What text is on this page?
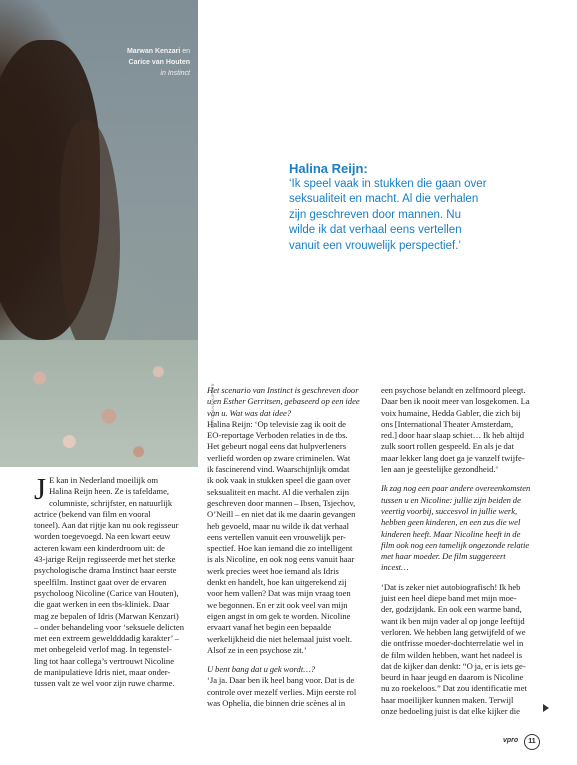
Marwan Kenzari en
Carice van Houten
in Instinct
FOTO: ANP/KIPPER
Halina Reijn:
‘Ik speel vaak in stukken die gaan over
seksualiteit en macht. Al die verhalen
zijn geschreven door mannen. Nu
wilde ik dat verhaal eens vertellen
vanuit een vrouwelijk perspectief.’
J E kan in Nederland moeilijk om
Halina Reijn heen. Ze is tafeldame,
columniste, schrijfster, en natuurlijk
actrice (bekend van film en vooral
toneel). Aan dat rijtje kan nu ook regisseur
worden toegevoegd. Na een kwart eeuw
acteren kwam een kinderdroom uit: de
43-jarige Reijn regisseerde met het sterke
psychologische drama Instinct haar eerste
speelfilm. Instinct gaat over de ervaren
psycholoog Nicoline (Carice van Houten),
die gaat werken in een tbs-kliniek. Daar
mag ze bepalen of Idris (Marwan Kenzari)
– onder behandeling voor ‘seksuele delicten
met een extreem geweldddadig karakter’ –
met onbegeleid verlof mag. In tegenstel-
ling tot haar collega’s vertrouwt Nicoline
de manipulatieve Idris niet, maar onder-
tussen valt ze wel voor zijn ruwe charme.
Het scenario van Instinct is geschreven door
u en Esther Gerritsen, gebaseerd op een idee
van u. Wat was dat idee?
Halina Reijn: ‘Op televisie zag ik ooit de
EO-reportage Verboden relaties in de tbs.
Het gebeurt nogal eens dat hulpverleners
verliefd worden op zware criminelen. Wat
ik fascinerend vind. Waarschijnlijk omdat
ik ook vaak in stukken speel die gaan over
seksualiteit en macht. Al die verhalen zijn
geschreven door mannen – Ibsen, Tsjechov,
O’Neill – en niet dat ik me daarin gevangen
heb gevoeld, maar nu wilde ik dat verhaal
eens vertellen vanuit een vrouwelijk per-
spectief. Hoe kan iemand die zo intelligent
is als Nicoline, en ook nog eens vanuit haar
werk precies weet hoe iemand als Idris
denkt en handelt, hoe kan uitgerekend zij
voor hem vallen? Dat was mijn vraag toen
we begonnen. En er zit ook veel van mijn
eigen angst in om gek te worden. Nicoline
ervaart vanaf het begin een bepaalde
werkelijkheid die niet helemaal juist voelt.
Alsof ze in een psychose zit.’
U bent bang dat u gek wordt…?
‘Ja ja. Daar ben ik heel bang voor. Dat is de
controle over mezelf verlies. Mijn eerste rol
was Ophelia, die binnen drie scènes al in
een psychose belandt en zelfmoord pleegt.
Daar ben ik nooit meer van losgekomen. La
voix humaine, Hedda Gabler, die zich bij
ons [International Theater Amsterdam,
red.] door haar slaap schiet… Ik heb altijd
zulk soort rollen gespeeld. En als je dat
maar lekker lang doet ga je vanzelf twijfe-
len aan je geestelijke gezondheid.’
Ik zag nog een paar andere overeenkomsten
tussen u en Nicoline: jullie zijn beiden de
veertig voorbij, succesvol in jullie werk,
hebben geen kinderen, en een zus die wel
kinderen heeft. Maar Nicoline heeft in de
film ook nog een tamelijk ongezonde relatie
met haar moeder. De film suggereert
incest…
‘Dat is zeker niet autobiografisch! Ik heb
juist een heel diepe band met mijn moe-
der, godzijdank. En ook een warme band,
want ik ben mijn vader al op jonge leeftijd
verloren. We hebben lang getwijfeld of we
die ontfrisse moeder-dochterrelatie wel in
de film wilden hebben, want het nadeel is
dat de kijker dan denkt: “O ja, er is iets ge-
beurd in haar jeugd en daarom is Nicoline
nu zo roekeloos.” Dat zou identificatie met
haar moeilijker kunnen maken. Terwijl
onze bedoeling juist is dat elke kijker die
vpro	11
